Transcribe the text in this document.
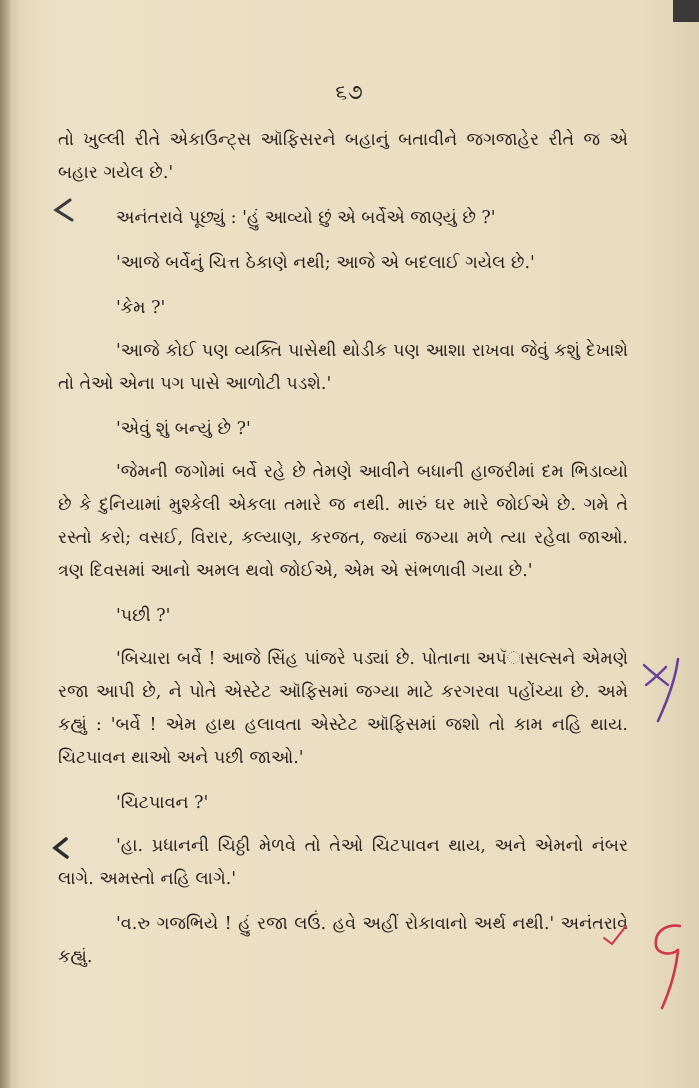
૬૭

તો ખુલ્લી રીતે એકાઉન્ટ્સ ઑફિસરને બહાનું બતાવીને જગજાહેર રીતે જ એ બહાર ગયેલ છે.'

અનંતરાવે પૂછ્યું : 'હું આવ્યો છું એ બર્વેએ જાણ્યું છે ?'

'આજે બર્વેનું ચિત્ત ઠેકાણે નથી; આજે એ બદલાઈ ગયેલ છે.'

'કેમ ?'

'આજે કોઈ પણ વ્યક્તિ પાસેથી થોડીક પણ આશા રાખવા જેવું કશું દેખાશે તો તેઓ એના પગ પાસે આળોટી પડશે.'

'એવું શું બન્યું છે ?'

'જેમની જગોમાં બર્વે રહે છે તેમણે આવીને બધાની હાજરીમાં દમ ભિડાવ્યો છે કે દુનિયામાં મુશ્કેલી એકલા તમારે જ નથી. મારું ઘર મારે જોઈએ છે. ગમે તે રસ્તો કરો; વસઈ, વિરાર, કલ્યાણ, કરજત, જ્યાં જગ્યા મળે ત્યા રહેવા જાઓ. ત્રણ દિવસમાં આનો અમલ થવો જોઈએ, એમ એ સંભળાવી ગયા છે.'

'પછી ?'

'બિચારા બર્વે ! આજે સિંહ પાંજરે પડ્યાં છે. પોતાના અપૅાસલ્સને એમણે રજા આપી છે, ને પોતે એસ્ટેટ ઑફિસમાં જગ્યા માટે કરગરવા પહોંચ્યા છે. અમે કહ્યું : 'બર્વે ! એમ હાથ હલાવતા એસ્ટેટ ઑફિસમાં જશો તો કામ નહિ થાય. ચિટપાવન થાઓ અને પછી જાઓ.'

'ચિટપાવન ?'

'હા. પ્રધાનની ચિઠ્ઠી મેળવે તો તેઓ ચિટપાવન થાય, અને એમનો નંબર લાગે. અમસ્તો નહિ લાગે.'

'વ.રુ ગજભિયે ! હું રજા લઉં. હવે અહીં રોકાવાનો અર્થ નથી.' અનંતરાવે કહ્યું.
